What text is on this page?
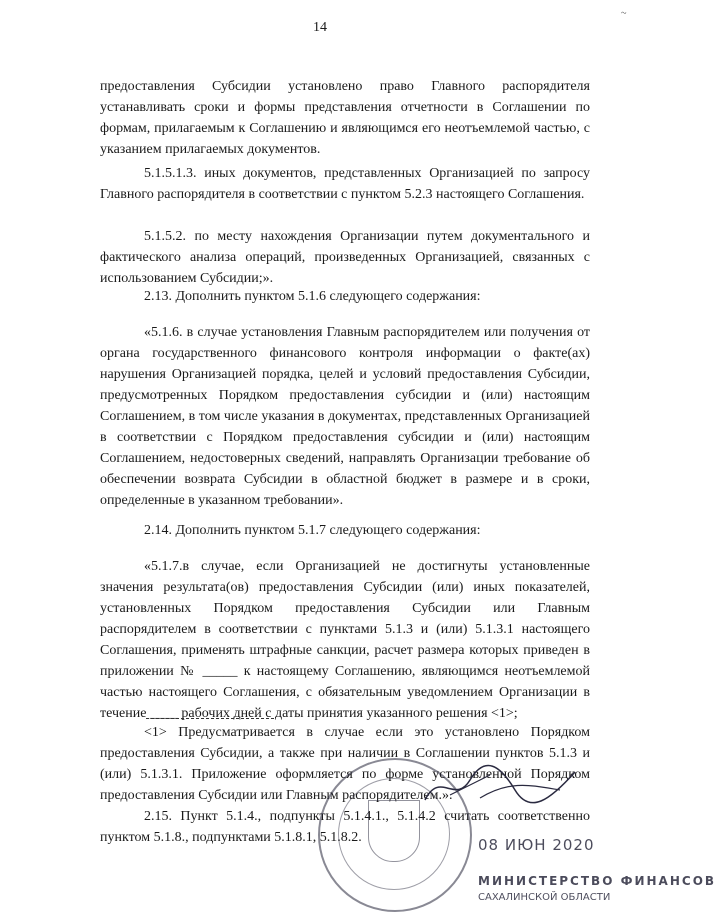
~
14

предоставления Субсидии установлено право Главного распорядителя устанавливать сроки и формы представления отчетности в Соглашении по формам, прилагаемым к Соглашению и являющимся его неотъемлемой частью, с указанием прилагаемых документов.

5.1.5.1.3. иных документов, представленных Организацией по запросу Главного распорядителя в соответствии с пунктом 5.2.3 настоящего Соглашения.

5.1.5.2. по месту нахождения Организации путем документального и фактического анализа операций, произведенных Организацией, связанных с использованием Субсидии;».

2.13. Дополнить пунктом 5.1.6 следующего содержания:

«5.1.6. в случае установления Главным распорядителем или получения от органа государственного финансового контроля информации о факте(ах) нарушения Организацией порядка, целей и условий предоставления Субсидии, предусмотренных Порядком предоставления субсидии и (или) настоящим Соглашением, в том числе указания в документах, представленных Организацией в соответствии с Порядком предоставления субсидии и (или) настоящим Соглашением, недостоверных сведений, направлять Организации требование об обеспечении возврата Субсидии в областной бюджет в размере и в сроки, определенные в указанном требовании».

2.14. Дополнить пунктом 5.1.7 следующего содержания:

«5.1.7.в случае, если Организацией не достигнуты установленные значения результата(ов) предоставления Субсидии (или) иных показателей, установленных Порядком предоставления Субсидии или Главным распорядителем в соответствии с пунктами 5.1.3 и (или) 5.1.3.1 настоящего Соглашения, применять штрафные санкции, расчет размера которых приведен в приложении № _____ к настоящему Соглашению, являющимся неотъемлемой частью настоящего Соглашения, с обязательным уведомлением Организации в течение ____ рабочих дней с даты принятия указанного решения <1>;

<1> Предусматривается в случае если это установлено Порядком предоставления Субсидии, а также при наличии в Соглашении пунктов 5.1.3 и (или) 5.1.3.1. Приложение оформляется по форме установленной Порядком предоставления Субсидии или Главным распорядителем.».

2.15. Пункт 5.1.4., подпункты 5.1.4.1., 5.1.4.2 считать соответственно пунктом 5.1.8., подпунктами 5.1.8.1, 5.1.8.2.	08 ИЮН 2020
МИНИСТЕРСТВО ФИНАНСОВ
САХАЛИНСКОЙ ОБЛАСТИ
